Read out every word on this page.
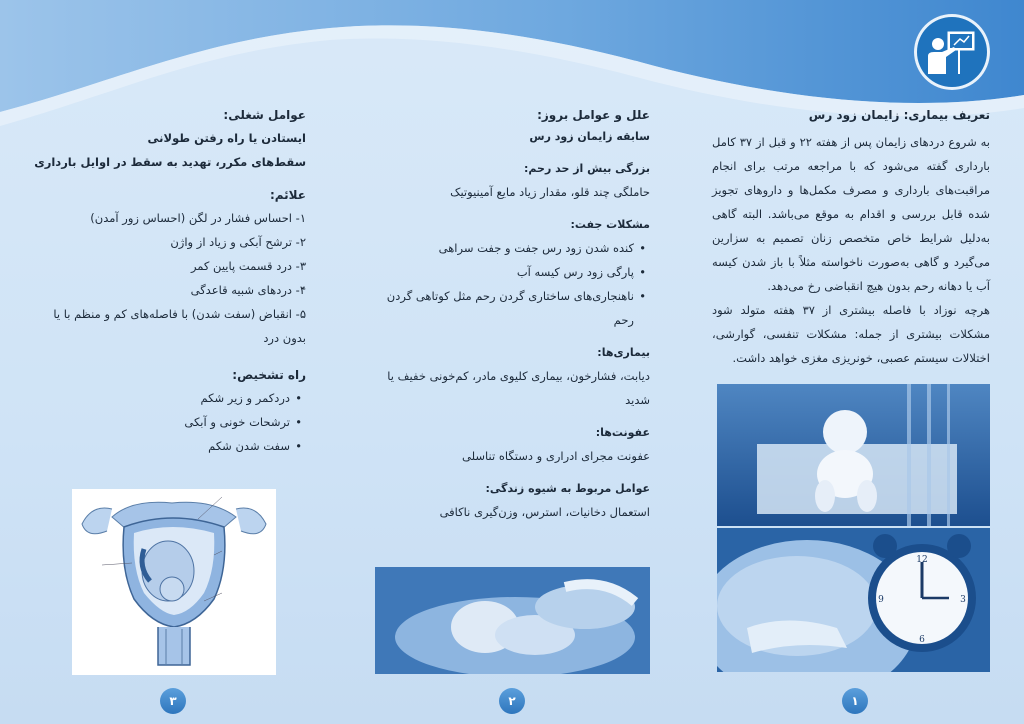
تعریف بیماری: زایمان زود رس

به شروع دردهای زایمان پس از هفته ۲۲ و قبل از ۳۷ کامل بارداری گفته می‌شود که با مراجعه مرتب برای انجام مراقبت‌های بارداری و مصرف مکمل‌ها و داروهای تجویز شده قابل بررسی و اقدام به موقع می‌باشد. البته گاهی به‌دلیل شرایط خاص متخصص زنان تصمیم به سزارین می‌گیرد و گاهی به‌صورت ناخواسته مثلاً با باز شدن کیسه آب یا دهانه رحم بدون هیچ انقباضی رخ می‌دهد.

هرچه نوزاد با فاصله بیشتری از ۳۷ هفته متولد شود مشکلات بیشتری از جمله: مشکلات تنفسی، گوارشی، اختلالات سیستم عصبی، خونریزی مغزی خواهد داشت.

12
3
6
9
علل و عوامل بروز:
سابقه زایمان زود رس
بزرگی بیش از حد رحم:

حاملگی چند قلو، مقدار زیاد مایع آمینیوتیک

مشکلات جفت:
• کنده شدن زود رس جفت و جفت سراهی
• پارگی زود رس کیسه آب
• ناهنجاری‌های ساختاری گردن رحم مثل کوتاهی گردن رحم
بیماری‌ها:

دیابت، فشارخون، بیماری کلیوی مادر، کم‌خونی خفیف یا شدید

عفونت‌ها:

عفونت مجرای ادراری و دستگاه تناسلی

عوامل مربوط به شیوه زندگی:

استعمال دخانیات، استرس، وزن‌گیری ناکافی

عوامل شغلی:

ایستادن یا راه رفتن طولانی

سقط‌های مکرر، تهدید به سقط در اوایل بارداری

علائم:

۱- احساس فشار در لگن (احساس زور آمدن)

۲- ترشح آبکی و زیاد از واژن

۳- درد قسمت پایین کمر

۴- دردهای شبیه قاعدگی

۵- انقباض (سفت شدن) با فاصله‌های کم و منظم با یا بدون درد

راه تشخیص:
• دردکمر و زیر شکم
• ترشحات خونی و آبکی
• سفت شدن شکم
۱
۲
۳
